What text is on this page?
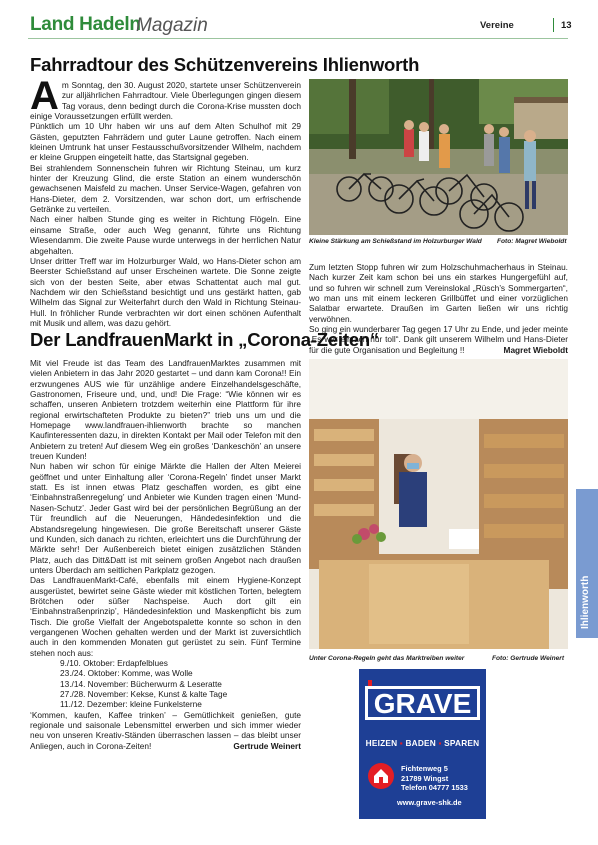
Land Hadeln
Magazin	Vereine	13
Fahrradtour des Schützenvereins Ihlienworth
A m Sonntag, den 30. August 2020, startete unser Schützenverein zur alljährlichen Fahrradtour. Viele Überlegungen gingen diesem Tag voraus, denn bedingt durch die Corona-Krise mussten doch einige Voraussetzungen erfüllt werden.

Pünktlich um 10 Uhr haben wir uns auf dem Alten Schulhof mit 29 Gästen, geputzten Fahrrädern und guter Laune getroffen. Nach einem kleinen Umtrunk hat unser Festausschußvorsitzender Wilhelm, nachdem er kleine Gruppen eingeteilt hatte, das Startsignal gegeben.

Bei strahlendem Sonnenschein fuhren wir Richtung Steinau, um kurz hinter der Kreuzung Glind, die erste Station an einem wunderschön gewachsenen Maisfeld zu machen. Unser Service-Wagen, gefahren von Hans-Dieter, dem 2. Vorsitzenden, war schon dort, um erfrischende Getränke zu verteilen.

Nach einer halben Stunde ging es weiter in Richtung Flögeln. Eine einsame Straße, oder auch Weg genannt, führte uns Richtung Wiesendamm. Die zweite Pause wurde unterwegs in der herrlichen Natur abgehalten.

Unser dritter Treff war im Holzurburger Wald, wo Hans-Dieter schon am Beerster Schießstand auf unser Erscheinen wartete. Die Sonne zeigte sich von der besten Seite, aber etwas Schattentat auch mal gut. Nachdem wir den Schießstand besichtigt und uns gestärkt hatten, gab Wilhelm das Signal zur Weiterfahrt durch den Wald in Richtung Steinau-Hull. In fröhlicher Runde verbrachten wir dort einen schönen Aufenthalt mit Musik und allem, was dazu gehört.

Kleine Stärkung am Schießstand im Holzurburger Wald Foto: Magret Wieboldt

Zum letzten Stopp fuhren wir zum Holzschuhmacherhaus in Steinau. Nach kurzer Zeit kam schon bei uns ein starkes Hungergefühl auf, und so fuhren wir schnell zum Vereinslokal „Rüsch’s Sommergarten“, wo man uns mit einem leckeren Grillbüffet und einer vorzüglichen Salatbar erwartete. Draußen im Garten ließen wir uns richtig verwöhnen.

So ging ein wunderbarer Tag gegen 17 Uhr zu Ende, und jeder meinte „Es war einfach nur toll“. Dank gilt unserem Wilhelm und Hans-Dieter für die gute Organisation und Begleitung !!	Magret Wieboldt

Der LandfrauenMarkt in „Corona-Zeiten“

Mit viel Freude ist das Team des LandfrauenMarktes zusammen mit vielen Anbietern in das Jahr 2020 gestartet – und dann kam Corona!! Ein erzwungenes AUS wie für unzählige andere Einzelhandelsgeschäfte, Gastronomen, Friseure und, und, und! Die Frage: “Wie können wir es schaffen, unseren Anbietern trotzdem weiterhin eine Plattform für ihre regional erwirtschafteten Produkte zu bieten?” trieb uns um und die Homepage www.landfrauen-ihlienworth brachte so manchen Kaufinteressenten dazu, in direkten Kontakt per Mail oder Telefon mit den Anbietern zu treten! Auf diesem Weg ein großes ‘Dankeschön’ an unsere treuen Kunden!

Nun haben wir schon für einige Märkte die Hallen der Alten Meierei geöffnet und unter Einhaltung aller ‘Corona-Regeln’ findet unser Markt statt. Es ist innen etwas Platz geschaffen worden, es gibt eine ‘Einbahnstraßenregelung’ und Anbieter wie Kunden tragen einen ‘Mund-Nasen-Schutz’. Jeder Gast wird bei der persönlichen Begrüßung an der Tür freundlich auf die Neuerungen, Händedesinfektion und die Abstandsregelung hingewiesen. Die große Bereitschaft unserer Gäste und Kunden, sich danach zu richten, erleichtert uns die Durchführung der Märkte sehr! Der Außenbereich bietet einigen zusätzlichen Ständen Platz, auch das Ditt&Datt ist mit seinem großen Angebot nach draußen unters Überdach am seitlichen Parkplatz gezogen.

Das LandfrauenMarkt-Café, ebenfalls mit einem Hygiene-Konzept ausgerüstet, bewirtet seine Gäste wieder mit köstlichen Torten, belegtem Brötchen oder süßer Nachspeise. Auch dort gilt ein ‘Einbahnstraßenprinzip’, Händedesinfektion und Maskenpflicht bis zum Tisch. Die große Vielfalt der Angebotspalette konnte so schon in den vergangenen Wochen gehalten werden und der Markt ist zuversichtlich auch in den kommenden Monaten gut gerüstet zu sein. Fünf Termine stehen noch aus:

9./10. Oktober: Erdapfelblues
23./24. Oktober: Komme, was Wolle
13./14. November: Bücherwurm & Leseratte
27./28. November: Kekse, Kunst & kalte Tage
11./12. Dezember: kleine Funkelsterne

‘Kommen, kaufen, Kaffee trinken’ – Gemütlichkeit genießen, gute regionale und saisonale Lebensmittel erwerben und sich immer wieder neu von unseren Kreativ-Ständen überraschen lassen – das bleibt unser Anliegen, auch in Corona-Zeiten!	Gertrude Weinert

Unter Corona-Regeln geht das Marktreiben weiter	Foto: Gertrude Weinert
Ihlienworth
GRAVE
HEIZEN ▪ BADEN ▪ SPAREN
Fichtenweg 5
21789 Wingst
Telefon 04777 1533
www.grave-shk.de
